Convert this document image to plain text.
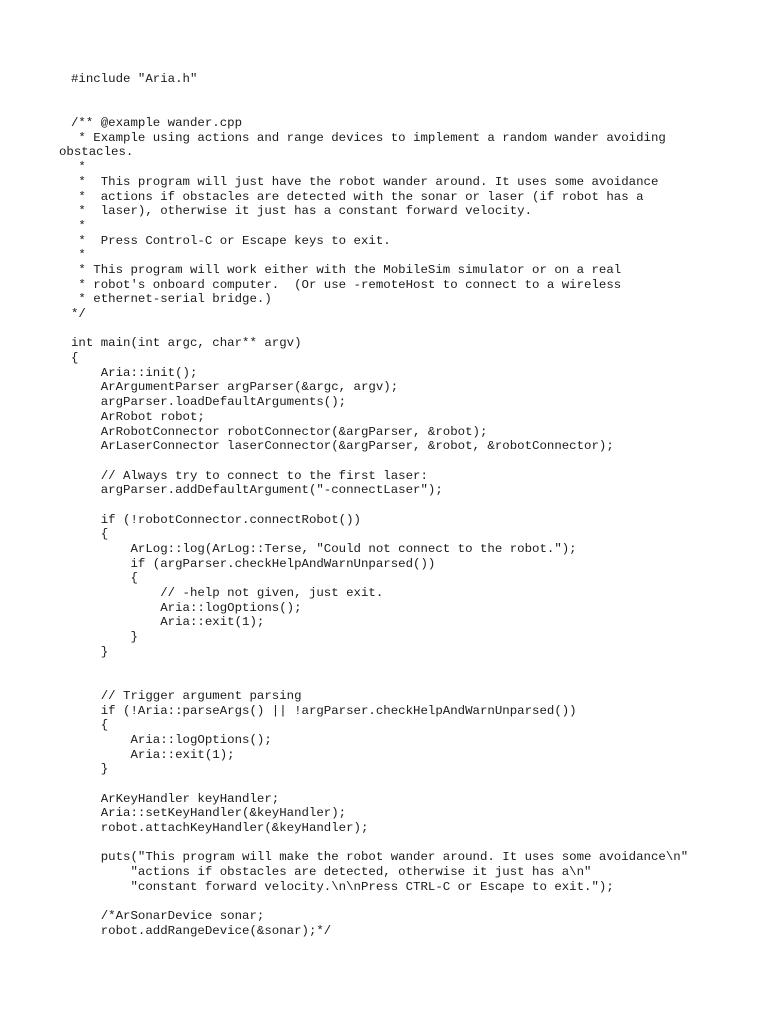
#include "Aria.h"
/** @example wander.cpp
* Example using actions and range devices to implement a random wander avoiding
obstacles.
*
*  This program will just have the robot wander around. It uses some avoidance
*  actions if obstacles are detected with the sonar or laser (if robot has a
*  laser), otherwise it just has a constant forward velocity.
*
*  Press Control-C or Escape keys to exit.
*
* This program will work either with the MobileSim simulator or on a real
* robot's onboard computer.  (Or use -remoteHost to connect to a wireless
* ethernet-serial bridge.)
*/
int main(int argc, char** argv)
{
Aria::init();
ArArgumentParser argParser(&argc, argv);
argParser.loadDefaultArguments();
ArRobot robot;
ArRobotConnector robotConnector(&argParser, &robot);
ArLaserConnector laserConnector(&argParser, &robot, &robotConnector);
// Always try to connect to the first laser:
argParser.addDefaultArgument("-connectLaser");
if (!robotConnector.connectRobot())
{
ArLog::log(ArLog::Terse, "Could not connect to the robot.");
if (argParser.checkHelpAndWarnUnparsed())
{
// -help not given, just exit.
Aria::logOptions();
Aria::exit(1);
}
}
// Trigger argument parsing
if (!Aria::parseArgs() || !argParser.checkHelpAndWarnUnparsed())
{
Aria::logOptions();
Aria::exit(1);
}
ArKeyHandler keyHandler;
Aria::setKeyHandler(&keyHandler);
robot.attachKeyHandler(&keyHandler);
puts("This program will make the robot wander around. It uses some avoidance\n"
"actions if obstacles are detected, otherwise it just has a\n"
"constant forward velocity.\n\nPress CTRL-C or Escape to exit.");
/*ArSonarDevice sonar;
robot.addRangeDevice(&sonar);*/
